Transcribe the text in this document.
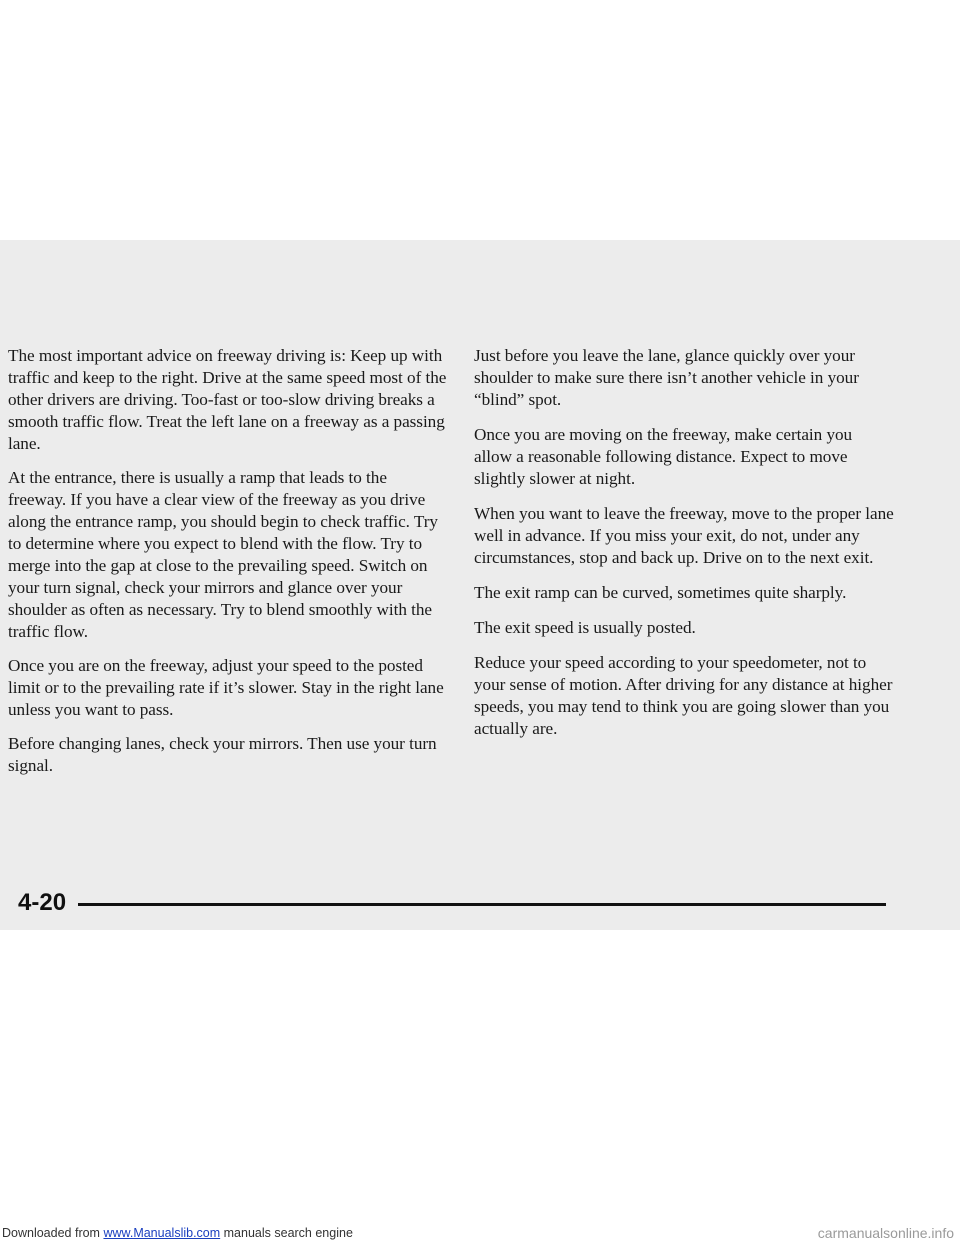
The most important advice on freeway driving is: Keep up with traffic and keep to the right. Drive at the same speed most of the other drivers are driving. Too-fast or too-slow driving breaks a smooth traffic flow. Treat the left lane on a freeway as a passing lane.

At the entrance, there is usually a ramp that leads to the freeway. If you have a clear view of the freeway as you drive along the entrance ramp, you should begin to check traffic. Try to determine where you expect to blend with the flow. Try to merge into the gap at close to the prevailing speed. Switch on your turn signal, check your mirrors and glance over your shoulder as often as necessary. Try to blend smoothly with the traffic flow.

Once you are on the freeway, adjust your speed to the posted limit or to the prevailing rate if it’s slower. Stay in the right lane unless you want to pass.

Before changing lanes, check your mirrors. Then use your turn signal.

Just before you leave the lane, glance quickly over your shoulder to make sure there isn’t another vehicle in your “blind” spot.

Once you are moving on the freeway, make certain you allow a reasonable following distance. Expect to move slightly slower at night.

When you want to leave the freeway, move to the proper lane well in advance. If you miss your exit, do not, under any circumstances, stop and back up. Drive on to the next exit.

The exit ramp can be curved, sometimes quite sharply.

The exit speed is usually posted.

Reduce your speed according to your speedometer, not to your sense of motion. After driving for any distance at higher speeds, you may tend to think you are going slower than you actually are.

4-20
Downloaded from www.Manualslib.com manuals search engine	carmanualsonline.info
